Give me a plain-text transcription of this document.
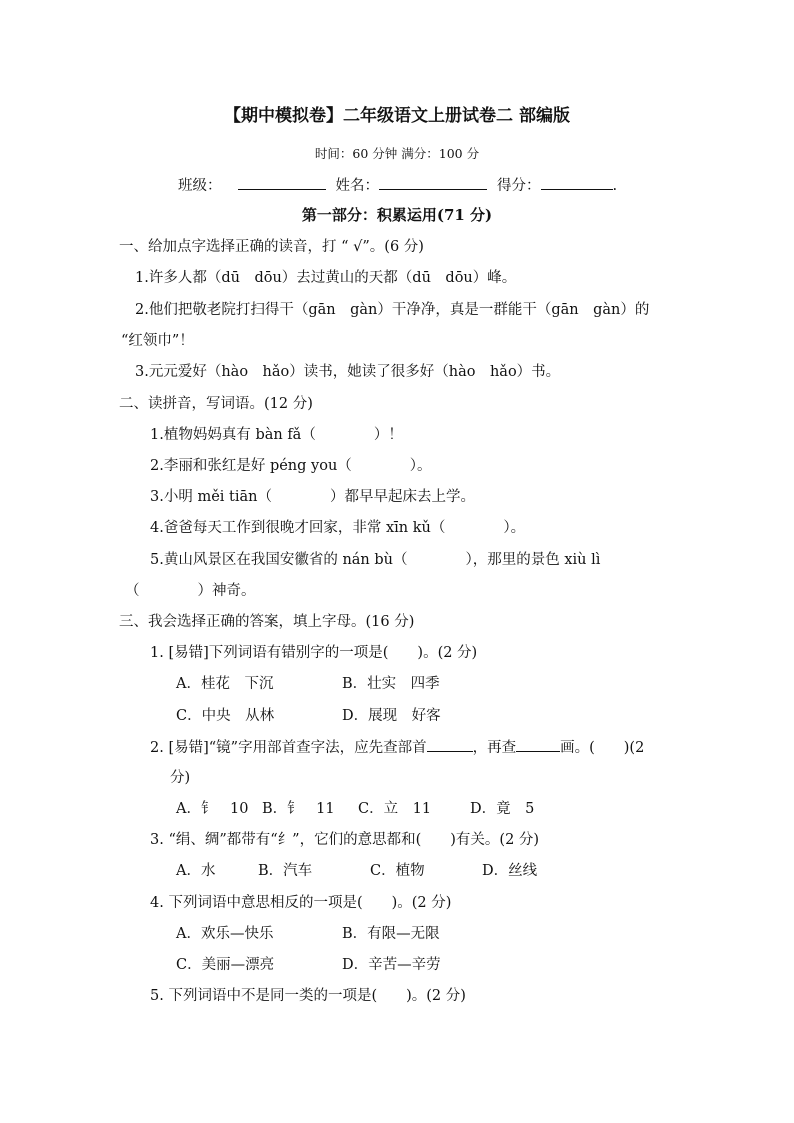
【期中模拟卷】二年级语文上册试卷二 部编版
时间：60 分钟 满分：100 分
班级：	姓名：	得分：	.
第一部分：积累运用(71 分)
一、给加点字选择正确的读音，打 “ √”。(6 分)
1.许多人都（dū　dōu）去过黄山的天都（dū　dōu）峰。
2.他们把敬老院打扫得干（gān　gàn）干净净，真是一群能干（gān　gàn）的
“红领巾”！
3.元元爱好（hào　hǎo）读书，她读了很多好（hào　hǎo）书。
二、读拼音，写词语。(12 分)
1.植物妈妈真有 bàn fǎ（　　　　）！
2.李丽和张红是好 péng you（　　　　）。
3.小明 měi tiān（　　　　）都早早起床去上学。
4.爸爸每天工作到很晚才回家，非常 xīn kǔ（　　　　）。
5.黄山风景区在我国安徽省的 nán bù（　　　　），那里的景色 xiù lì
（　　　　）神奇。
三、我会选择正确的答案，填上字母。(16 分)
1. [易错]下列词语有错别字的一项是(　　)。(2 分)
A．桂花　下沉	B．壮实　四季
C．中央　从林	D．展现　好客
2. [易错]“镜”字用部首查字法，应先查部首	，再查	画。(　　)(2
分)
A．钅　10 B．钅　11 C．立　11	D．竟　5
3. “绢、绸”都带有“纟”，它们的意思都和(　　)有关。(2 分)
A．水	B．汽车	C．植物	D．丝线
4. 下列词语中意思相反的一项是(　　)。(2 分)
A．欢乐—快乐	B．有限—无限
C．美丽—漂亮	D．辛苦—辛劳
5. 下列词语中不是同一类的一项是(　　)。(2 分)
